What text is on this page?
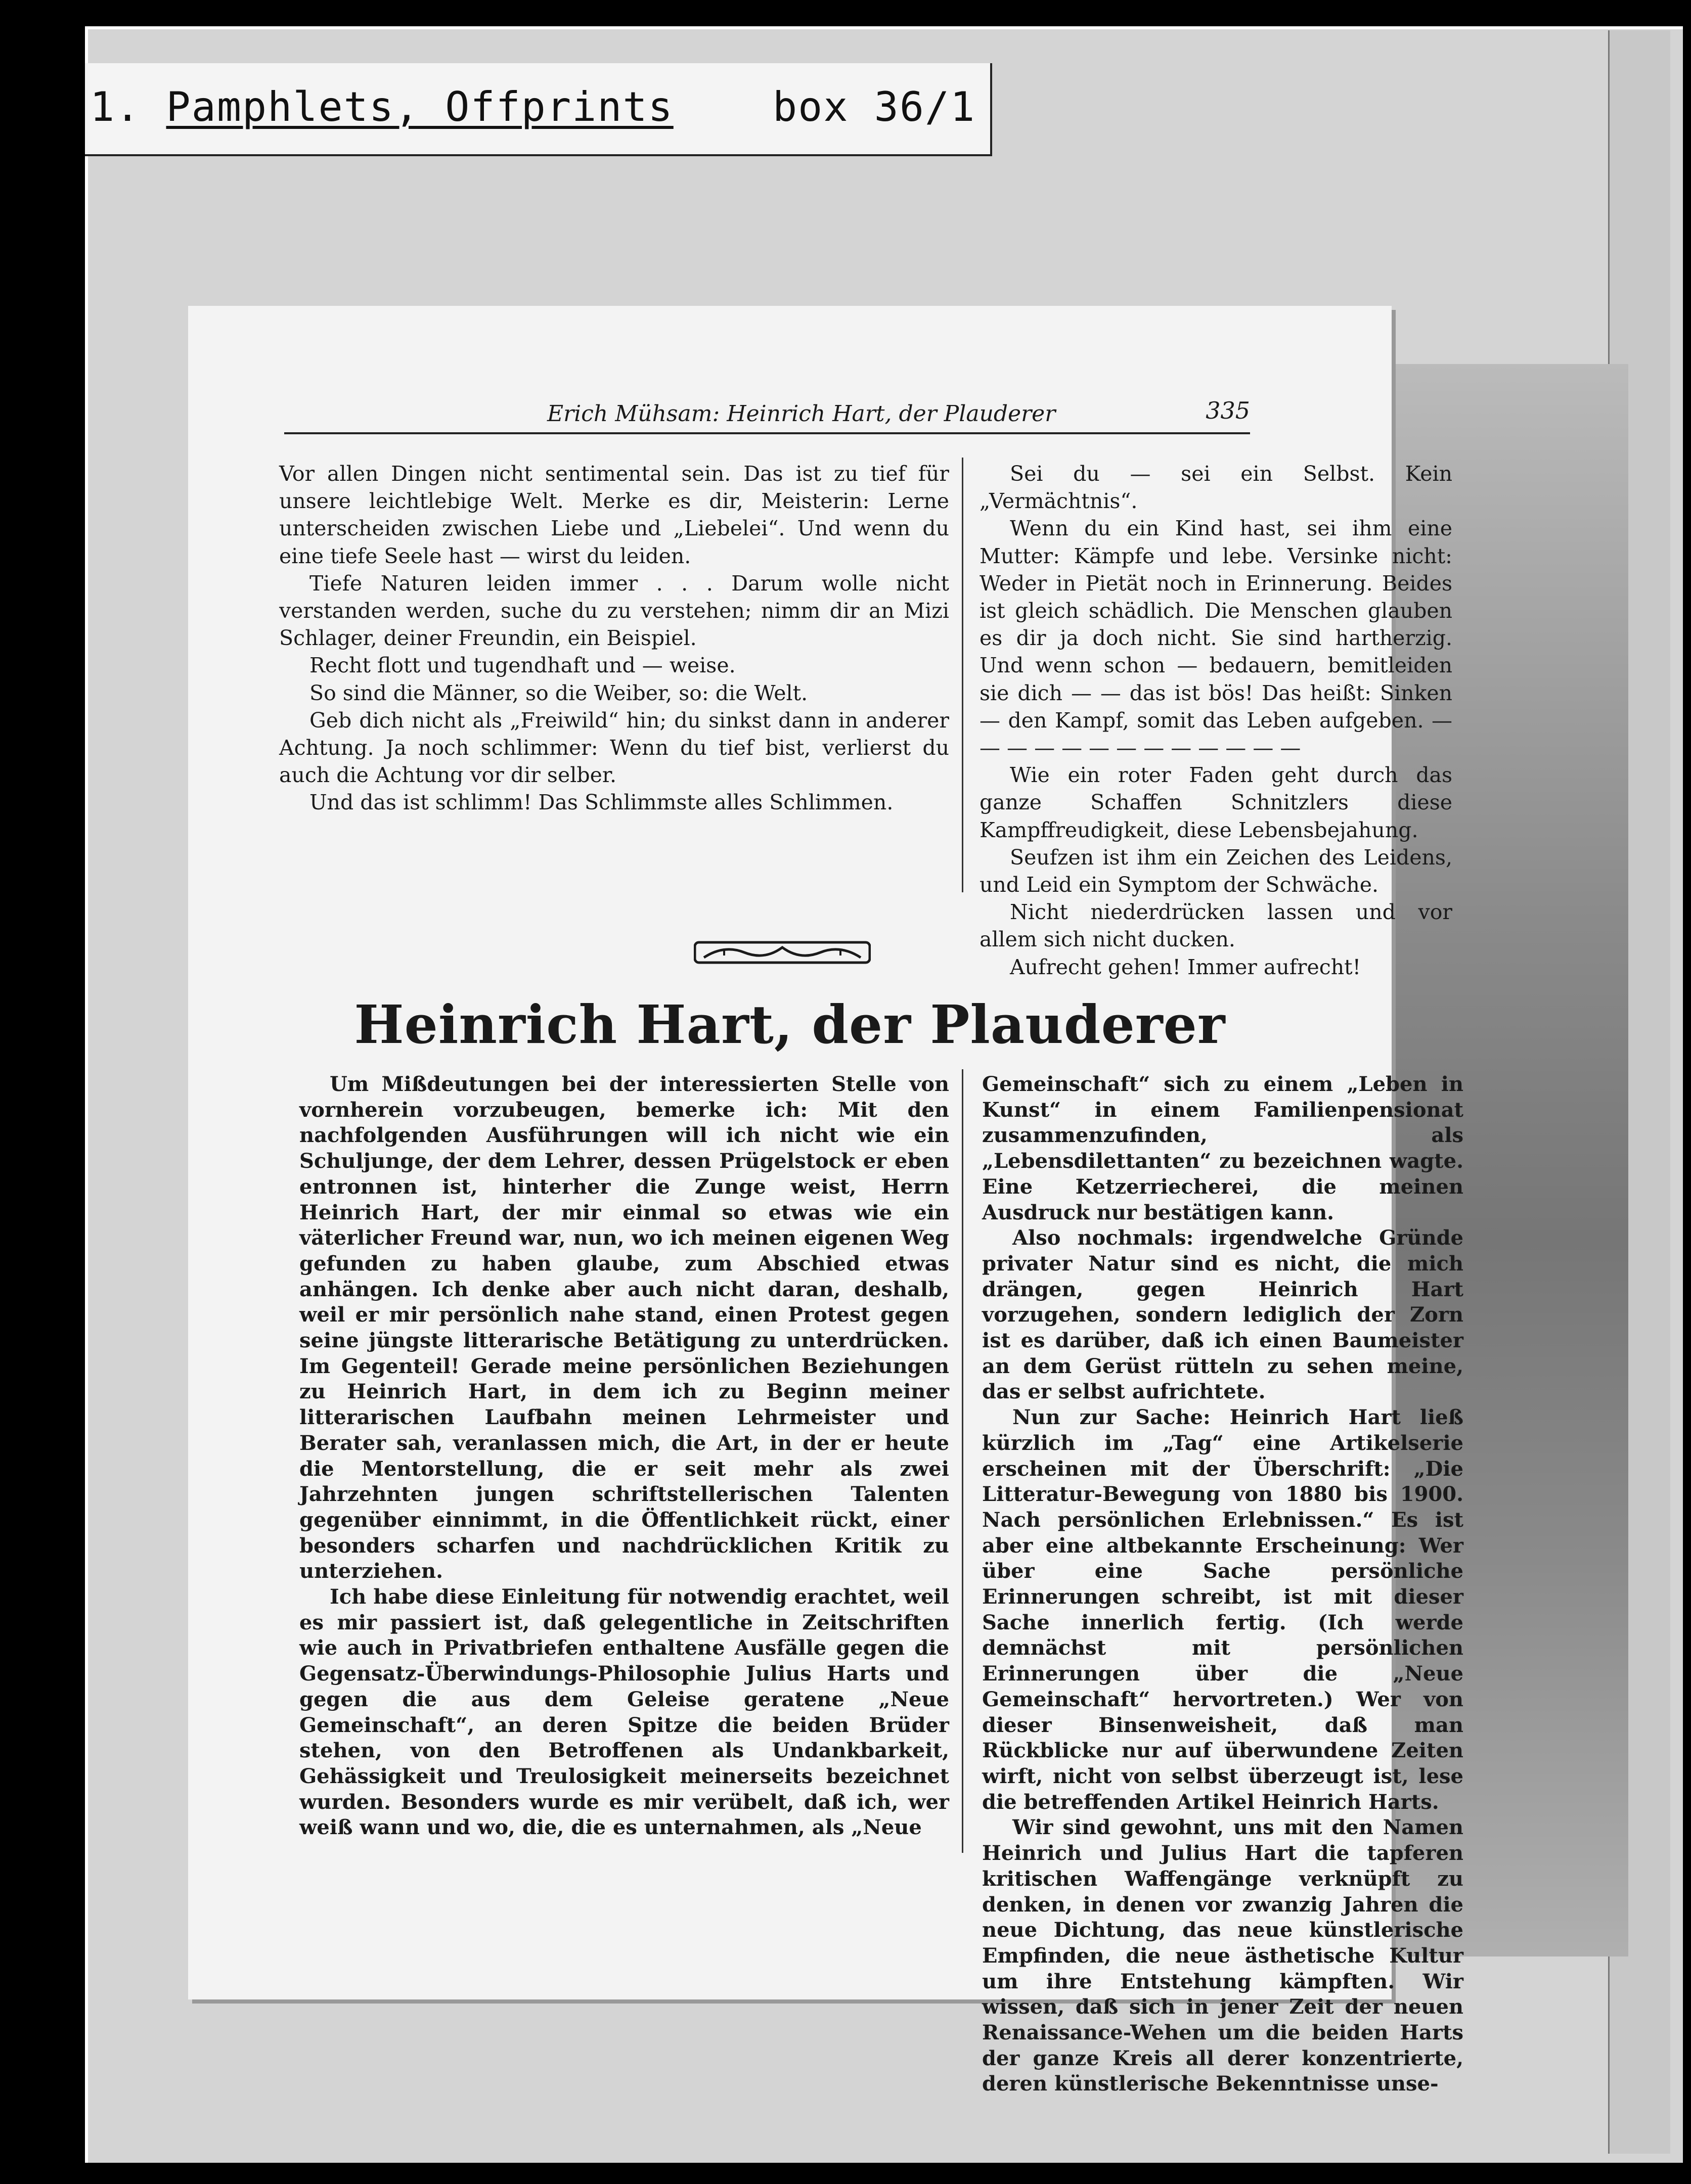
1. Pamphlets, Offprints box 36/1
Erich Mühsam: Heinrich Hart, der Plauderer	335

Vor allen Dingen nicht sentimental sein. Das ist zu tief für unsere leichtlebige Welt. Merke es dir, Meisterin: Lerne unterscheiden zwischen Liebe und „Liebelei“. Und wenn du eine tiefe Seele hast — wirst du leiden.

Tiefe Naturen leiden immer . . . Darum wolle nicht verstanden werden, suche du zu verstehen; nimm dir an Mizi Schlager, deiner Freundin, ein Beispiel.

Recht flott und tugendhaft und — weise.

So sind die Männer, so die Weiber, so: die Welt.

Geb dich nicht als „Freiwild“ hin; du sinkst dann in anderer Achtung. Ja noch schlimmer: Wenn du tief bist, verlierst du auch die Achtung vor dir selber.

Und das ist schlimm! Das Schlimmste alles Schlimmen.

Sei du — sei ein Selbst. Kein „Vermächtnis“.

Wenn du ein Kind hast, sei ihm eine Mutter: Kämpfe und lebe. Versinke nicht: Weder in Pietät noch in Erinnerung. Beides ist gleich schädlich. Die Menschen glauben es dir ja doch nicht. Sie sind hartherzig. Und wenn schon — bedauern, bemitleiden sie dich — — das ist bös! Das heißt: Sinken — den Kampf, somit das Leben aufgeben. — — — — — — — — — — — — —

Wie ein roter Faden geht durch das ganze Schaffen Schnitzlers diese Kampffreudigkeit, diese Lebensbejahung.

Seufzen ist ihm ein Zeichen des Leidens, und Leid ein Symptom der Schwäche.

Nicht niederdrücken lassen und vor allem sich nicht ducken.

Aufrecht gehen! Immer aufrecht!

Heinrich Hart, der Plauderer

Um Mißdeutungen bei der interessierten Stelle von vornherein vorzubeugen, bemerke ich: Mit den nachfolgenden Ausführungen will ich nicht wie ein Schuljunge, der dem Lehrer, dessen Prügelstock er eben entronnen ist, hinterher die Zunge weist, Herrn Heinrich Hart, der mir einmal so etwas wie ein väterlicher Freund war, nun, wo ich meinen eigenen Weg gefunden zu haben glaube, zum Abschied etwas anhängen. Ich denke aber auch nicht daran, deshalb, weil er mir persönlich nahe stand, einen Protest gegen seine jüngste litterarische Betätigung zu unterdrücken. Im Gegenteil! Gerade meine persönlichen Beziehungen zu Heinrich Hart, in dem ich zu Beginn meiner litterarischen Laufbahn meinen Lehrmeister und Berater sah, veranlassen mich, die Art, in der er heute die Mentorstellung, die er seit mehr als zwei Jahrzehnten jungen schriftstellerischen Talenten gegenüber einnimmt, in die Öffentlichkeit rückt, einer besonders scharfen und nachdrücklichen Kritik zu unterziehen.

Ich habe diese Einleitung für notwendig erachtet, weil es mir passiert ist, daß gelegentliche in Zeitschriften wie auch in Privatbriefen enthaltene Ausfälle gegen die Gegensatz-Überwindungs-Philosophie Julius Harts und gegen die aus dem Geleise geratene „Neue Gemeinschaft“, an deren Spitze die beiden Brüder stehen, von den Betroffenen als Undankbarkeit, Gehässigkeit und Treulosigkeit meinerseits bezeichnet wurden. Besonders wurde es mir verübelt, daß ich, wer weiß wann und wo, die, die es unternahmen, als „Neue

Gemeinschaft“ sich zu einem „Leben in Kunst“ in einem Familienpensionat zusammenzufinden, als „Lebensdilettanten“ zu bezeichnen wagte. Eine Ketzerriecherei, die meinen Ausdruck nur bestätigen kann.

Also nochmals: irgendwelche Gründe privater Natur sind es nicht, die mich drängen, gegen Heinrich Hart vorzugehen, sondern lediglich der Zorn ist es darüber, daß ich einen Baumeister an dem Gerüst rütteln zu sehen meine, das er selbst aufrichtete.

Nun zur Sache: Heinrich Hart ließ kürzlich im „Tag“ eine Artikelserie erscheinen mit der Überschrift: „Die Litteratur-Bewegung von 1880 bis 1900. Nach persönlichen Erlebnissen.“ Es ist aber eine altbekannte Erscheinung: Wer über eine Sache persönliche Erinnerungen schreibt, ist mit dieser Sache innerlich fertig. (Ich werde demnächst mit persönlichen Erinnerungen über die „Neue Gemeinschaft“ hervortreten.) Wer von dieser Binsenweisheit, daß man Rückblicke nur auf überwundene Zeiten wirft, nicht von selbst überzeugt ist, lese die betreffenden Artikel Heinrich Harts.

Wir sind gewohnt, uns mit den Namen Heinrich und Julius Hart die tapferen kritischen Waffengänge verknüpft zu denken, in denen vor zwanzig Jahren die neue Dichtung, das neue künstlerische Empfinden, die neue ästhetische Kultur um ihre Entstehung kämpften. Wir wissen, daß sich in jener Zeit der neuen Renaissance-Wehen um die beiden Harts der ganze Kreis all derer konzentrierte, deren künstlerische Bekenntnisse unse-
